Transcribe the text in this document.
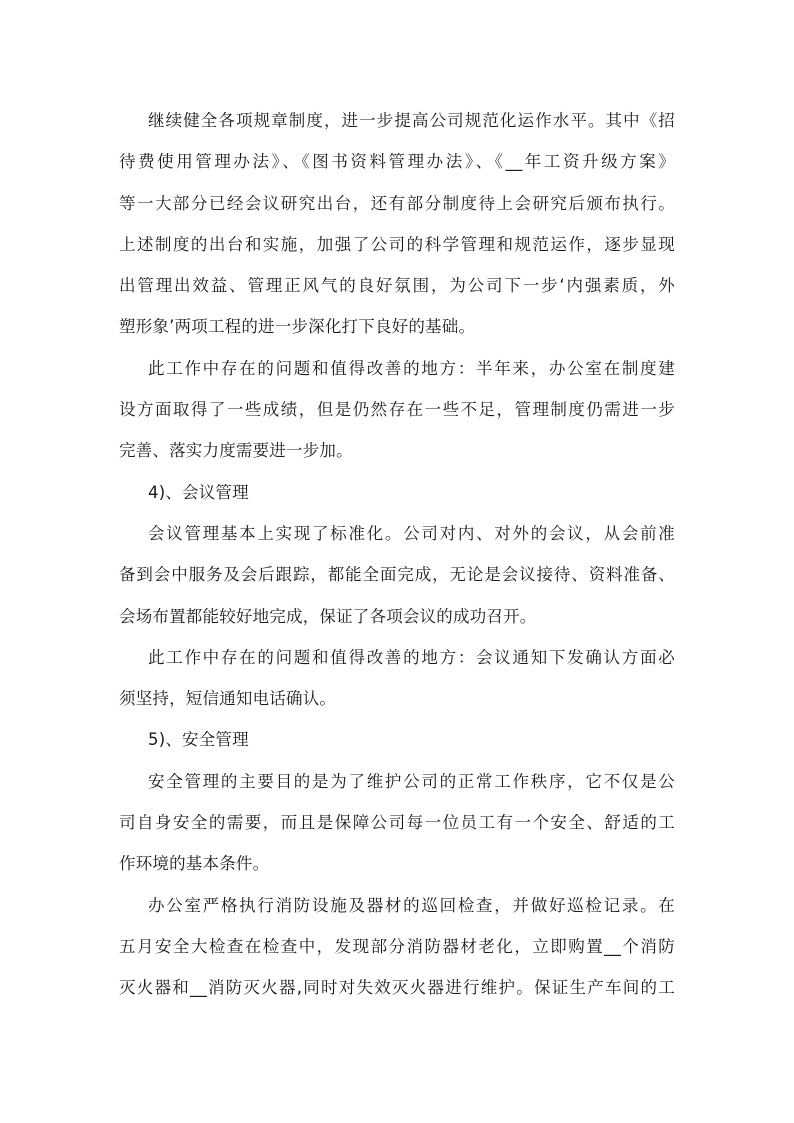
继续健全各项规章制度，进一步提高公司规范化运作水平。其中《招
待费使用管理办法》、《图书资料管理办法》、《__年工资升级方案》
等一大部分已经会议研究出台，还有部分制度待上会研究后颁布执行。
上述制度的出台和实施，加强了公司的科学管理和规范运作，逐步显现
出管理出效益、管理正风气的良好氛围，为公司下一步‘内强素质，外
塑形象’两项工程的进一步深化打下良好的基础。
此工作中存在的问题和值得改善的地方：半年来，办公室在制度建
设方面取得了一些成绩，但是仍然存在一些不足，管理制度仍需进一步
完善、落实力度需要进一步加。
4)、会议管理
会议管理基本上实现了标准化。公司对内、对外的会议，从会前准
备到会中服务及会后跟踪，都能全面完成，无论是会议接待、资料准备、
会场布置都能较好地完成，保证了各项会议的成功召开。
此工作中存在的问题和值得改善的地方：会议通知下发确认方面必
须坚持，短信通知电话确认。
5)、安全管理
安全管理的主要目的是为了维护公司的正常工作秩序，它不仅是公
司自身安全的需要，而且是保障公司每一位员工有一个安全、舒适的工
作环境的基本条件。
办公室严格执行消防设施及器材的巡回检查，并做好巡检记录。在
五月安全大检查在检查中，发现部分消防器材老化，立即购置__个消防
灭火器和__消防灭火器,同时对失效灭火器进行维护。保证生产车间的工
